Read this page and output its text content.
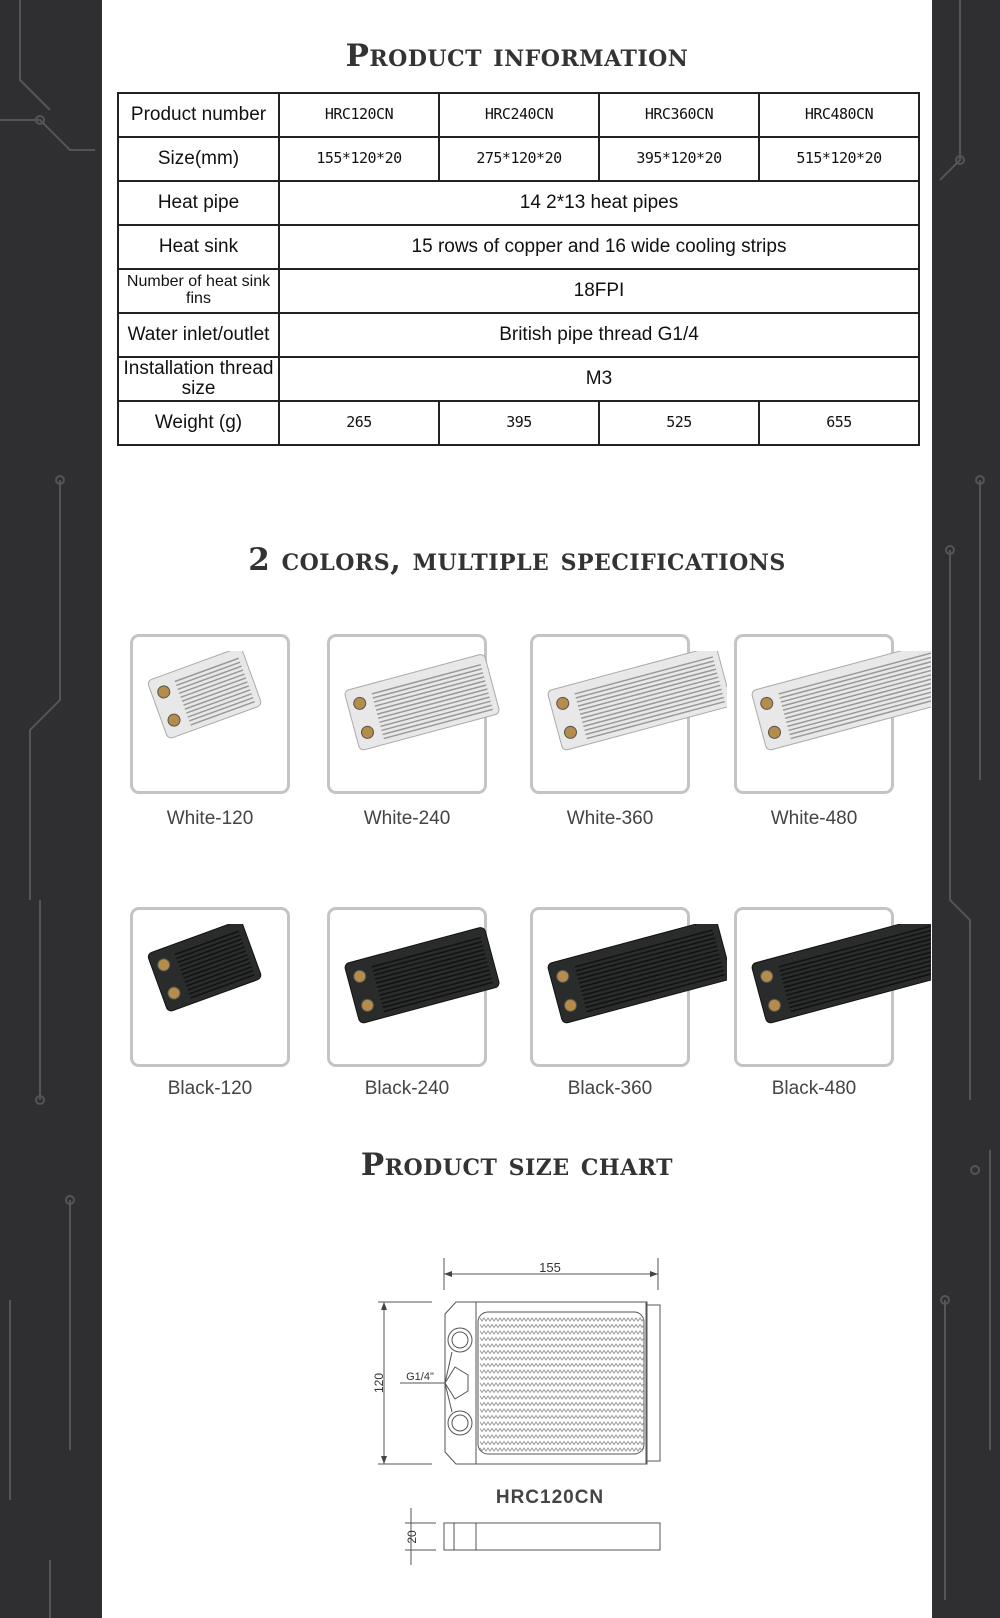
Product information
Product number	HRC120CN	HRC240CN	HRC360CN	HRC480CN
Size(mm)	155*120*20	275*120*20	395*120*20	515*120*20
Heat pipe	14 2*13 heat pipes			
Heat sink	15 rows of copper and 16 wide cooling strips			
Number of heat sink fins	18FPI			
Water inlet/outlet	British pipe thread G1/4			
Installation thread size	M3			
Weight (g)	265	395	525	655
2 colors, multiple specifications
White-120	White-240	White-360	White-480
Black-120	Black-240	Black-360	Black-480
Product size chart
155
120 G1/4"
HRC120CN
20
